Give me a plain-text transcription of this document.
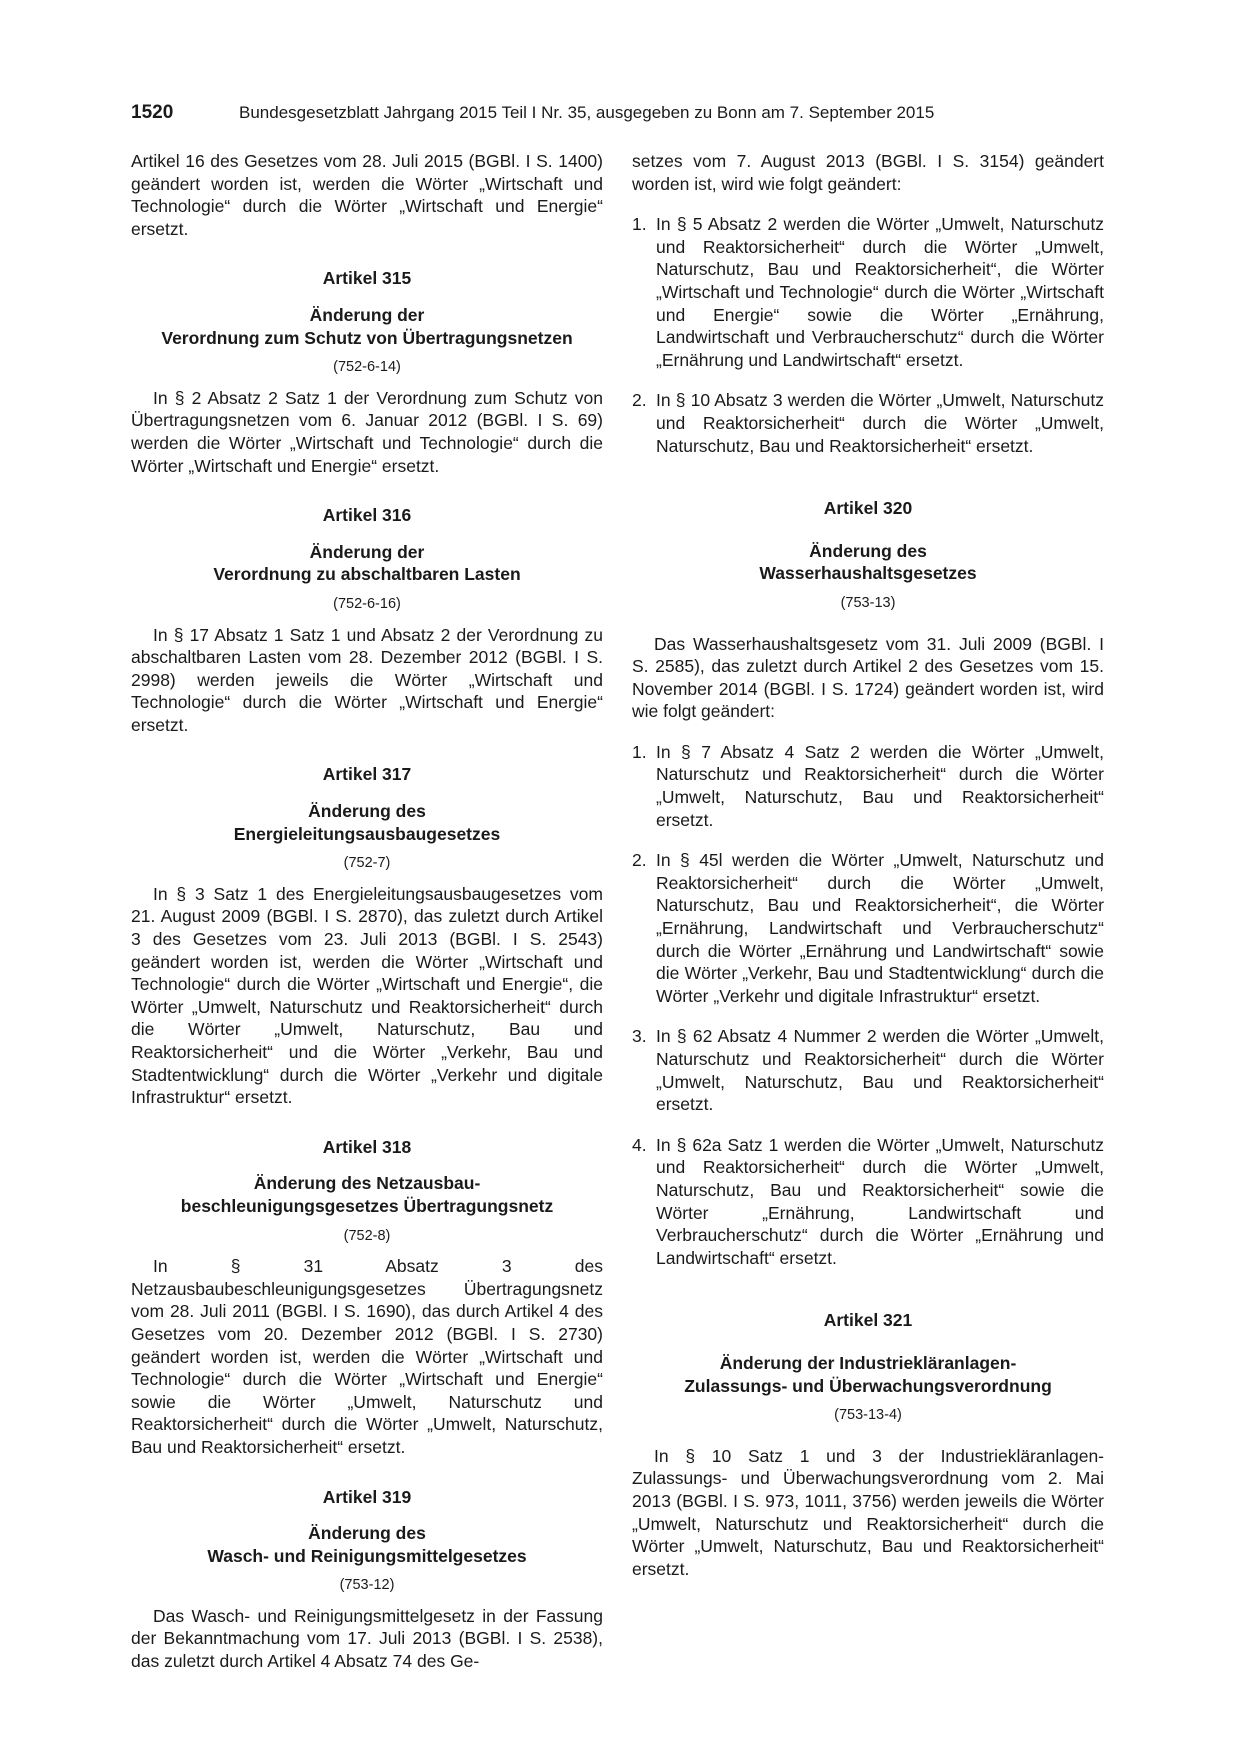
1520	Bundesgesetzblatt Jahrgang 2015 Teil I Nr. 35, ausgegeben zu Bonn am 7. September 2015

Artikel 16 des Gesetzes vom 28. Juli 2015 (BGBl. I S. 1400) geändert worden ist, werden die Wörter „Wirtschaft und Technologie“ durch die Wörter „Wirtschaft und Energie“ ersetzt.

Artikel 315
Änderung der
Verordnung zum Schutz von Übertragungsnetzen
(752-6-14)

In § 2 Absatz 2 Satz 1 der Verordnung zum Schutz von Übertragungsnetzen vom 6. Januar 2012 (BGBl. I S. 69) werden die Wörter „Wirtschaft und Technologie“ durch die Wörter „Wirtschaft und Energie“ ersetzt.

Artikel 316
Änderung der
Verordnung zu abschaltbaren Lasten
(752-6-16)

In § 17 Absatz 1 Satz 1 und Absatz 2 der Verordnung zu abschaltbaren Lasten vom 28. Dezember 2012 (BGBl. I S. 2998) werden jeweils die Wörter „Wirtschaft und Technologie“ durch die Wörter „Wirtschaft und Energie“ ersetzt.

Artikel 317
Änderung des
Energieleitungsausbaugesetzes
(752-7)

In § 3 Satz 1 des Energieleitungsausbaugesetzes vom 21. August 2009 (BGBl. I S. 2870), das zuletzt durch Artikel 3 des Gesetzes vom 23. Juli 2013 (BGBl. I S. 2543) geändert worden ist, werden die Wörter „Wirtschaft und Technologie“ durch die Wörter „Wirtschaft und Energie“, die Wörter „Umwelt, Naturschutz und Reaktorsicherheit“ durch die Wörter „Umwelt, Naturschutz, Bau und Reaktorsicherheit“ und die Wörter „Verkehr, Bau und Stadtentwicklung“ durch die Wörter „Verkehr und digitale Infrastruktur“ ersetzt.

Artikel 318
Änderung des Netzausbau-
beschleunigungsgesetzes Übertragungsnetz
(752-8)

In § 31 Absatz 3 des Netzausbaubeschleunigungsgesetzes Übertragungsnetz vom 28. Juli 2011 (BGBl. I S. 1690), das durch Artikel 4 des Gesetzes vom 20. Dezember 2012 (BGBl. I S. 2730) geändert worden ist, werden die Wörter „Wirtschaft und Technologie“ durch die Wörter „Wirtschaft und Energie“ sowie die Wörter „Umwelt, Naturschutz und Reaktorsicherheit“ durch die Wörter „Umwelt, Naturschutz, Bau und Reaktorsicherheit“ ersetzt.

Artikel 319
Änderung des
Wasch- und Reinigungsmittelgesetzes
(753-12)

Das Wasch- und Reinigungsmittelgesetz in der Fassung der Bekanntmachung vom 17. Juli 2013 (BGBl. I S. 2538), das zuletzt durch Artikel 4 Absatz 74 des Ge-

setzes vom 7. August 2013 (BGBl. I S. 3154) geändert worden ist, wird wie folgt geändert:

1. In § 5 Absatz 2 werden die Wörter „Umwelt, Naturschutz und Reaktorsicherheit“ durch die Wörter „Umwelt, Naturschutz, Bau und Reaktorsicherheit“, die Wörter „Wirtschaft und Technologie“ durch die Wörter „Wirtschaft und Energie“ sowie die Wörter „Ernährung, Landwirtschaft und Verbraucherschutz“ durch die Wörter „Ernährung und Landwirtschaft“ ersetzt.
2. In § 10 Absatz 3 werden die Wörter „Umwelt, Naturschutz und Reaktorsicherheit“ durch die Wörter „Umwelt, Naturschutz, Bau und Reaktorsicherheit“ ersetzt.
Artikel 320
Änderung des
Wasserhaushaltsgesetzes
(753-13)

Das Wasserhaushaltsgesetz vom 31. Juli 2009 (BGBl. I S. 2585), das zuletzt durch Artikel 2 des Gesetzes vom 15. November 2014 (BGBl. I S. 1724) geändert worden ist, wird wie folgt geändert:

1. In § 7 Absatz 4 Satz 2 werden die Wörter „Umwelt, Naturschutz und Reaktorsicherheit“ durch die Wörter „Umwelt, Naturschutz, Bau und Reaktorsicherheit“ ersetzt.
2. In § 45l werden die Wörter „Umwelt, Naturschutz und Reaktorsicherheit“ durch die Wörter „Umwelt, Naturschutz, Bau und Reaktorsicherheit“, die Wörter „Ernährung, Landwirtschaft und Verbraucherschutz“ durch die Wörter „Ernährung und Landwirtschaft“ sowie die Wörter „Verkehr, Bau und Stadtentwicklung“ durch die Wörter „Verkehr und digitale Infrastruktur“ ersetzt.
3. In § 62 Absatz 4 Nummer 2 werden die Wörter „Umwelt, Naturschutz und Reaktorsicherheit“ durch die Wörter „Umwelt, Naturschutz, Bau und Reaktorsicherheit“ ersetzt.
4. In § 62a Satz 1 werden die Wörter „Umwelt, Naturschutz und Reaktorsicherheit“ durch die Wörter „Umwelt, Naturschutz, Bau und Reaktorsicherheit“ sowie die Wörter „Ernährung, Landwirtschaft und Verbraucherschutz“ durch die Wörter „Ernährung und Landwirtschaft“ ersetzt.
Artikel 321
Änderung der Industriekläranlagen-
Zulassungs- und Überwachungsverordnung
(753-13-4)

In § 10 Satz 1 und 3 der Industriekläranlagen-Zulassungs- und Überwachungsverordnung vom 2. Mai 2013 (BGBl. I S. 973, 1011, 3756) werden jeweils die Wörter „Umwelt, Naturschutz und Reaktorsicherheit“ durch die Wörter „Umwelt, Naturschutz, Bau und Reaktorsicherheit“ ersetzt.
